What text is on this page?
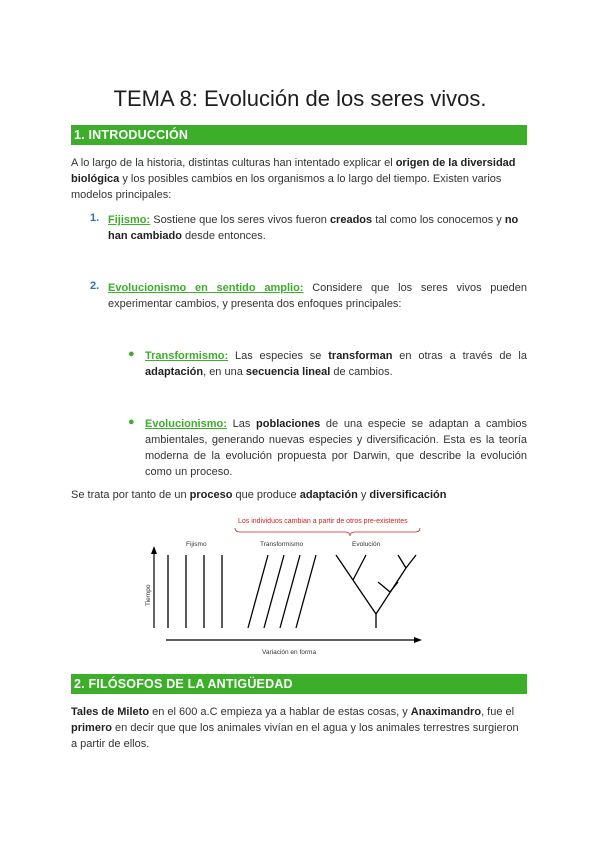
TEMA 8: Evolución de los seres vivos.
1. INTRODUCCIÓN

A lo largo de la historia, distintas culturas han intentado explicar el origen de la diversidad biológica y los posibles cambios en los organismos a lo largo del tiempo. Existen varios modelos principales:

1. Fijismo: Sostiene que los seres vivos fueron creados tal como los conocemos y no han cambiado desde entonces.

2. Evolucionismo en sentido amplio: Considere que los seres vivos pueden experimentar cambios, y presenta dos enfoques principales:

● Transformismo: Las especies se transforman en otras a través de la adaptación, en una secuencia lineal de cambios.

● Evolucionismo: Las poblaciones de una especie se adaptan a cambios ambientales, generando nuevas especies y diversificación. Esta es la teoría moderna de la evolución propuesta por Darwin, que describe la evolución como un proceso.

Se trata por tanto de un proceso que produce adaptación y diversificación

Los individuos cambian a partir de otros pre-existentes
Fijismo	Transformismo	Evolución
Tiempo
Variación en forma
2. FILÓSOFOS DE LA ANTIGÜEDAD

Tales de Mileto en el 600 a.C empieza ya a hablar de estas cosas, y Anaximandro, fue el primero en decir que que los animales vivían en el agua y los animales terrestres surgieron a partir de ellos.
